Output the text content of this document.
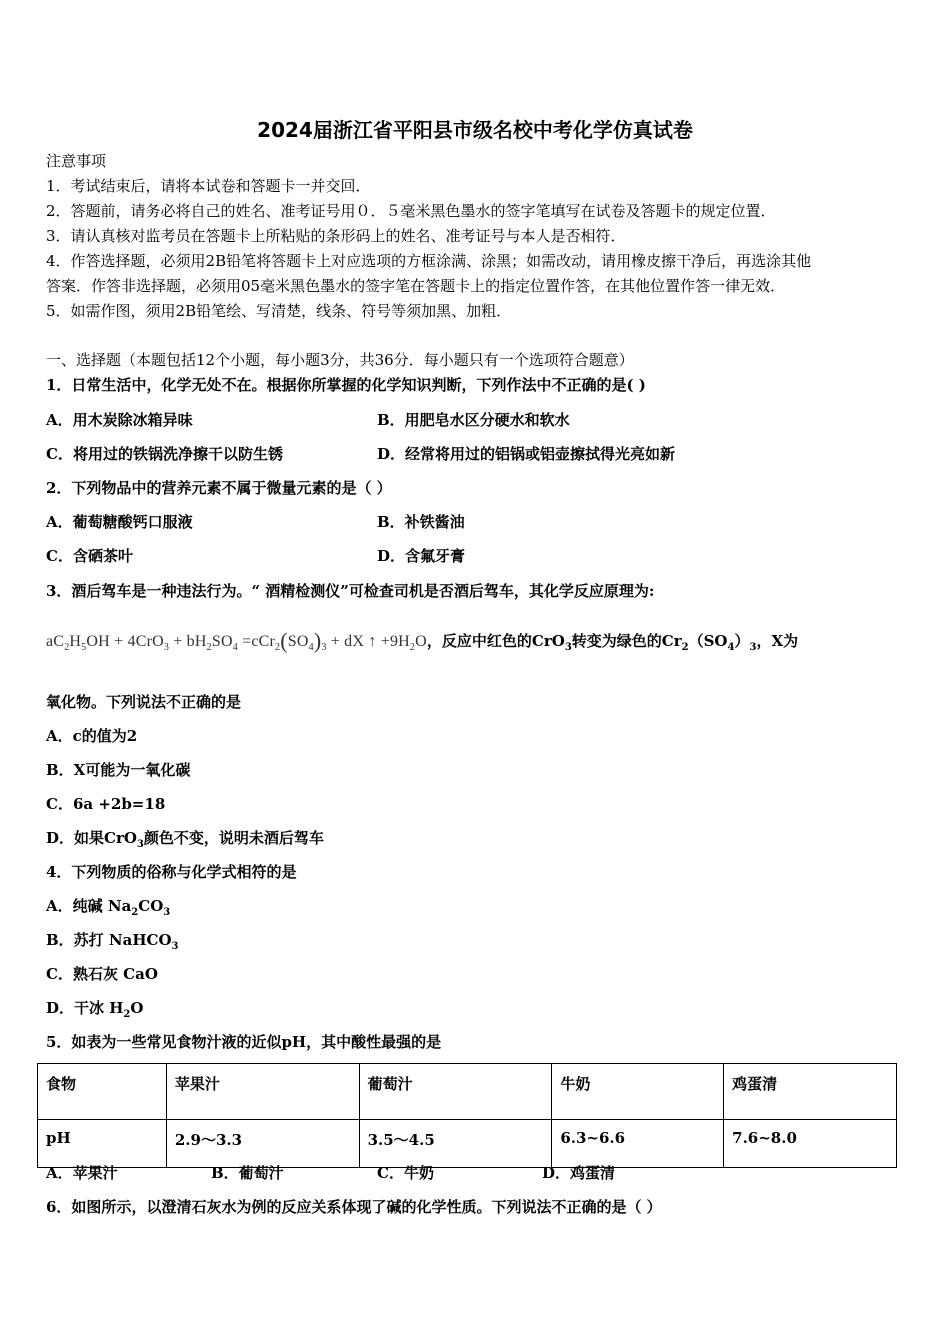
2024届浙江省平阳县市级名校中考化学仿真试卷
注意事项
1．考试结束后，请将本试卷和答题卡一并交回．
2．答题前，请务必将自己的姓名、准考证号用０．５毫米黑色墨水的签字笔填写在试卷及答题卡的规定位置．
3．请认真核对监考员在答题卡上所粘贴的条形码上的姓名、准考证号与本人是否相符．
4．作答选择题，必须用2B铅笔将答题卡上对应选项的方框涂满、涂黑；如需改动，请用橡皮擦干净后，再选涂其他
答案．作答非选择题，必须用05毫米黑色墨水的签字笔在答题卡上的指定位置作答，在其他位置作答一律无效．
5．如需作图，须用2B铅笔绘、写清楚，线条、符号等须加黑、加粗．
一、选择题（本题包括12个小题，每小题3分，共36分．每小题只有一个选项符合题意）
1．日常生活中，化学无处不在。根据你所掌握的化学知识判断，下列作法中不正确的是( )
A．用木炭除冰箱异味	B．用肥皂水区分硬水和软水
C．将用过的铁锅洗净擦干以防生锈	D．经常将用过的铝锅或铝壶擦拭得光亮如新
2．下列物品中的营养元素不属于微量元素的是（ ）
A．葡萄糖酸钙口服液	B．补铁酱油
C．含硒茶叶	D．含氟牙膏
3．酒后驾车是一种违法行为。“ 酒精检测仪”可检查司机是否酒后驾车，其化学反应原理为:
$aC_2H_5OH + 4CrO_3 + bH_2SO_4 =cCr_2(SO_4)_3$ + dX ↑ $+9H_2O$，反应中红色的CrO$_3$转变为绿色的$Cr_2(SO_4)_3$，X为
氧化物。下列说法不正确的是
A．c的值为2
B．X可能为一氧化碳
C．6a +2b=18
D．如果CrO$_3$颜色不变，说明未酒后驾车
4．下列物质的俗称与化学式相符的是
A．纯碱 $Na_2CO_3$
B．苏打 NaHCO$_3$
C．熟石灰 CaO
D．干冰 $H_2O$
5．如表为一些常见食物汁液的近似pH，其中酸性最强的是
食物	苹果汁	葡萄汁	牛奶	鸡蛋清
pH	2.9～3.3	3.5～4.5	6.3~6.6	7.6~8.0
A．苹果汁	B．葡萄汁	C．牛奶	D．鸡蛋清
6．如图所示，以澄清石灰水为例的反应关系体现了碱的化学性质。下列说法不正确的是（ ）
